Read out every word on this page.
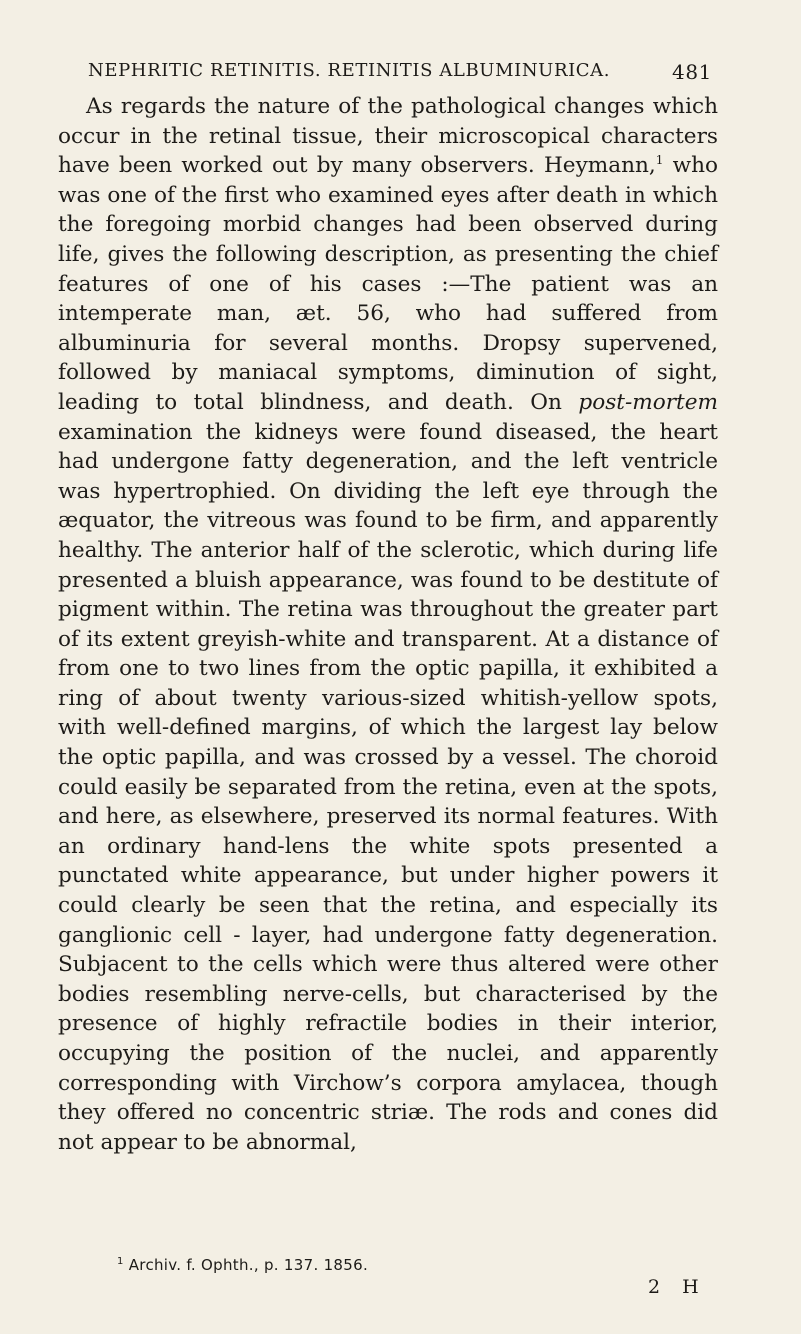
NEPHRITIC RETINITIS. RETINITIS ALBUMINURICA.	481

As regards the nature of the pathological changes which occur in the retinal tissue, their microscopical characters have been worked out by many observers. Heymann,$^1$ who was one of the first who examined eyes after death in which the foregoing morbid changes had been observed during life, gives the following description, as presenting the chief features of one of his cases :—The patient was an intemperate man, æt. 56, who had suffered from albuminuria for several months. Dropsy supervened, followed by maniacal symptoms, diminution of sight, leading to total blindness, and death. On post-mortem examination the kidneys were found diseased, the heart had undergone fatty degeneration, and the left ventricle was hypertrophied. On dividing the left eye through the æquator, the vitreous was found to be firm, and apparently healthy. The anterior half of the sclerotic, which during life presented a bluish appearance, was found to be destitute of pigment within. The retina was throughout the greater part of its extent greyish-white and transparent. At a distance of from one to two lines from the optic papilla, it exhibited a ring of about twenty various-sized whitish-yellow spots, with well-defined margins, of which the largest lay below the optic papilla, and was crossed by a vessel. The choroid could easily be separated from the retina, even at the spots, and here, as elsewhere, preserved its normal features. With an ordinary hand-lens the white spots presented a punctated white appearance, but under higher powers it could clearly be seen that the retina, and especially its ganglionic cell - layer, had undergone fatty degeneration. Subjacent to the cells which were thus altered were other bodies resembling nerve-cells, but characterised by the presence of highly refractile bodies in their interior, occupying the position of the nuclei, and apparently corresponding with Virchow’s corpora amylacea, though they offered no concentric striæ. The rods and cones did not appear to be abnormal,

$^1$ Archiv. f. Ophth., p. 137. 1856.

2 H
